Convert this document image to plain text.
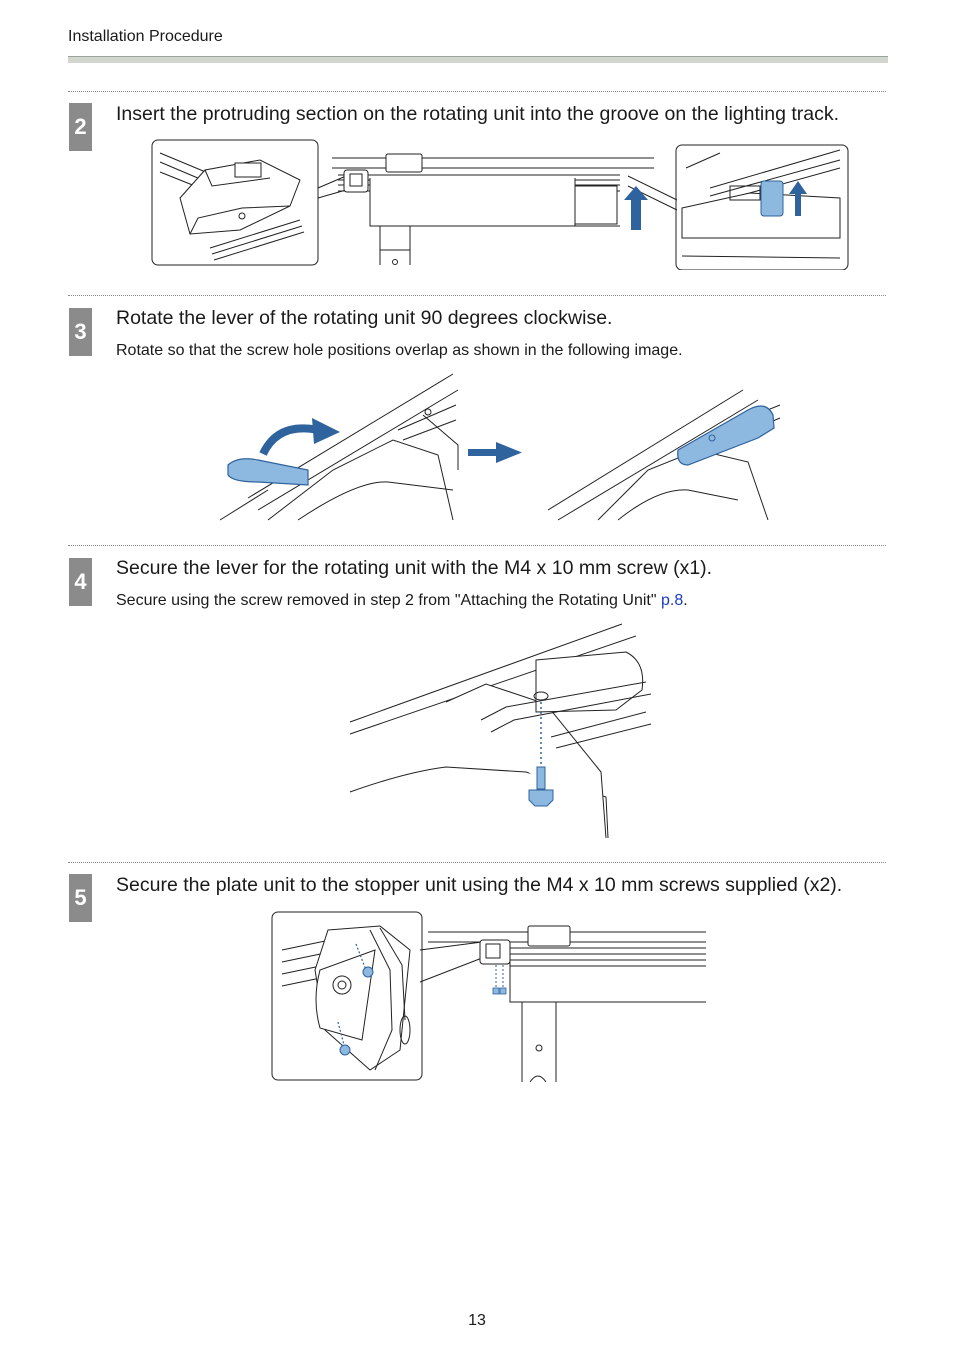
Installation Procedure
2 Insert the protruding section on the rotating unit into the groove on the lighting track.
3
Rotate the lever of the rotating unit 90 degrees clockwise.
Rotate so that the screw hole positions overlap as shown in the following image.
4
Secure the lever for the rotating unit with the M4 x 10 mm screw (x1).
Secure using the screw removed in step 2 from "Attaching the Rotating Unit" p.8.
5 Secure the plate unit to the stopper unit using the M4 x 10 mm screws supplied (x2).
13
